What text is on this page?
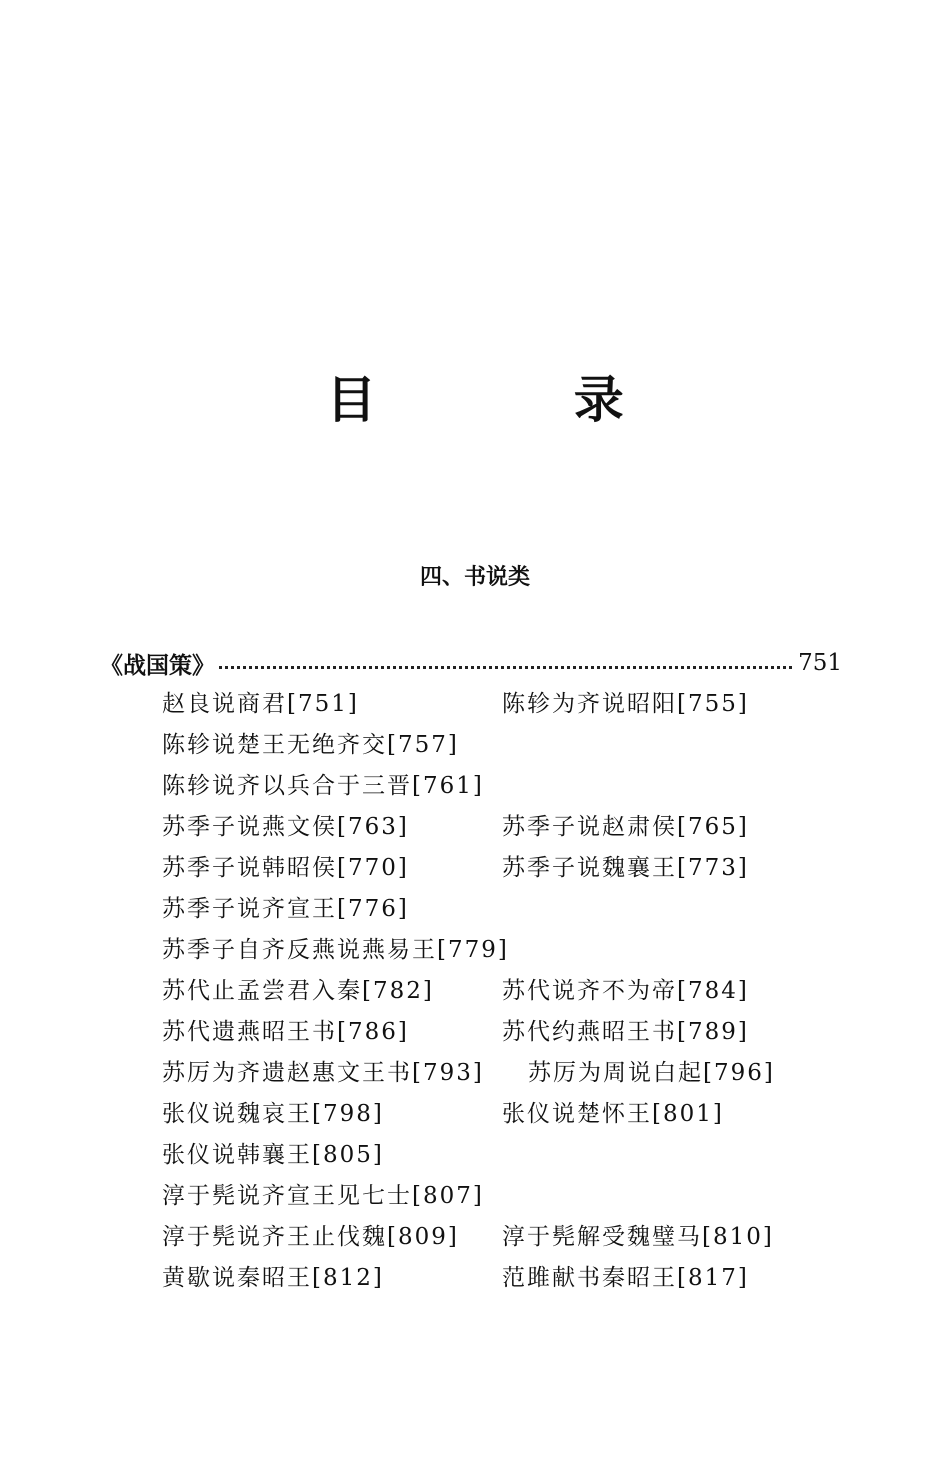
目 录
四、书说类
《战国策》	751
赵良说商君[751]	陈轸为齐说昭阳[755]
陈轸说楚王无绝齐交[757]
陈轸说齐以兵合于三晋[761]
苏季子说燕文侯[763]	苏季子说赵肃侯[765]
苏季子说韩昭侯[770]	苏季子说魏襄王[773]
苏季子说齐宣王[776]
苏季子自齐反燕说燕易王[779]
苏代止孟尝君入秦[782]	苏代说齐不为帝[784]
苏代遗燕昭王书[786]	苏代约燕昭王书[789]
苏厉为齐遗赵惠文王书[793] 苏厉为周说白起[796]
张仪说魏哀王[798]	张仪说楚怀王[801]
张仪说韩襄王[805]
淳于髡说齐宣王见七士[807]
淳于髡说齐王止伐魏[809] 淳于髡解受魏璧马[810]
黄歇说秦昭王[812]	范雎献书秦昭王[817]
